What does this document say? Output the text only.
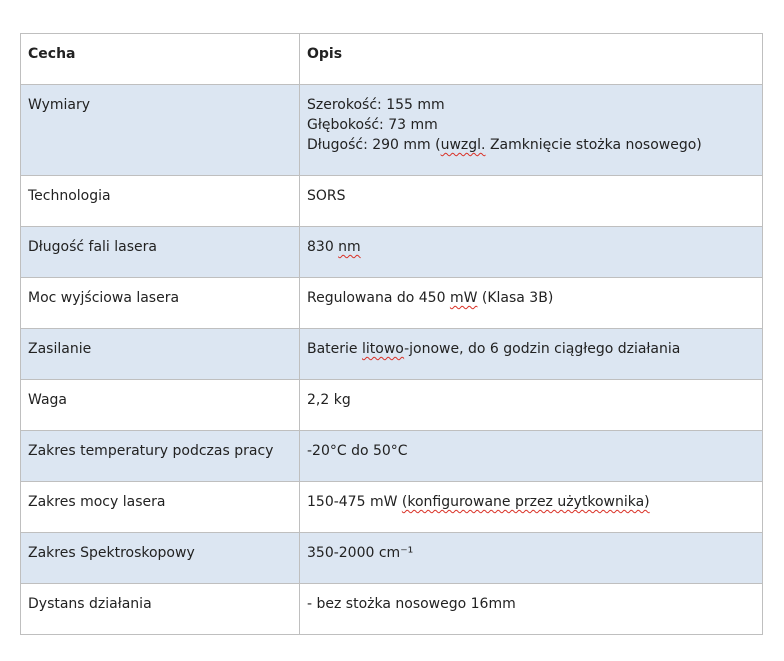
Cecha	Opis
Wymiary	Szerokość: 155 mm
Głębokość: 73 mm
Długość: 290 mm (uwzgl. Zamknięcie stożka nosowego)

Technologia	SORS

Długość fali lasera	830 nm

Moc wyjściowa lasera	Regulowana do 450 mW (Klasa 3B)

Zasilanie	Baterie litowo-jonowe, do 6 godzin ciągłego działania

Waga	2,2 kg

Zakres temperatury podczas pracy	-20°C do 50°C

Zakres mocy lasera	150-475 mW (konfigurowane przez użytkownika)

Zakres Spektroskopowy	350-2000 cm⁻¹

Dystans działania	- bez stożka nosowego 16mm
